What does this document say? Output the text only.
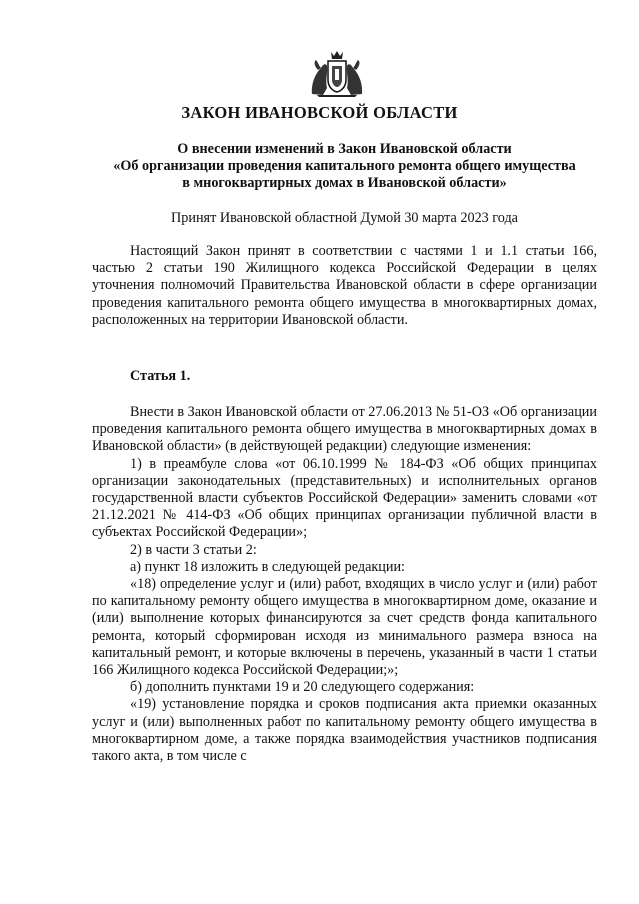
ЗАКОН ИВАНОВСКОЙ ОБЛАСТИ
О внесении изменений в Закон Ивановской области
«Об организации проведения капитального ремонта общего имущества
в многоквартирных домах в Ивановской области»
Принят Ивановской областной Думой 30 марта 2023 года

Настоящий Закон принят в соответствии с частями 1 и 1.1 статьи 166, частью 2 статьи 190 Жилищного кодекса Российской Федерации в целях уточнения полномочий Правительства Ивановской области в сфере организации проведения капитального ремонта общего имущества в многоквартирных домах, расположенных на территории Ивановской области.

Статья 1.

Внести в Закон Ивановской области от 27.06.2013 № 51-ОЗ «Об организации проведения капитального ремонта общего имущества в многоквартирных домах в Ивановской области» (в действующей редакции) следующие изменения:

1) в преамбуле слова «от 06.10.1999 № 184-ФЗ «Об общих принципах организации законодательных (представительных) и исполнительных органов государственной власти субъектов Российской Федерации» заменить словами «от 21.12.2021 № 414-ФЗ «Об общих принципах организации публичной власти в субъектах Российской Федерации»;

2) в части 3 статьи 2:

а) пункт 18 изложить в следующей редакции:

«18) определение услуг и (или) работ, входящих в число услуг и (или) работ по капитальному ремонту общего имущества в многоквартирном доме, оказание и (или) выполнение которых финансируются за счет средств фонда капитального ремонта, который сформирован исходя из минимального размера взноса на капитальный ремонт, и которые включены в перечень, указанный в части 1 статьи 166 Жилищного кодекса Российской Федерации;»;

б) дополнить пунктами 19 и 20 следующего содержания:

«19) установление порядка и сроков подписания акта приемки оказанных услуг и (или) выполненных работ по капитальному ремонту общего имущества в многоквартирном доме, а также порядка взаимодействия участников подписания такого акта, в том числе с
